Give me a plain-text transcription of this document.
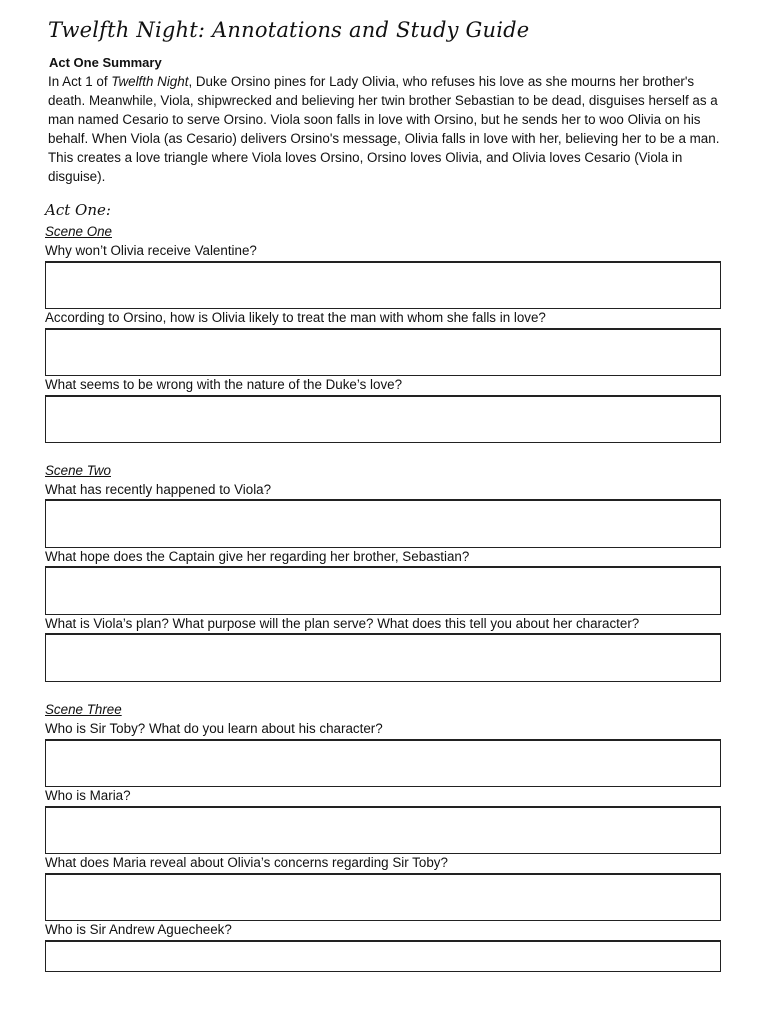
Twelfth Night: Annotations and Study Guide
Act One Summary

In Act 1 of Twelfth Night, Duke Orsino pines for Lady Olivia, who refuses his love as she mourns her brother's death. Meanwhile, Viola, shipwrecked and believing her twin brother Sebastian to be dead, disguises herself as a man named Cesario to serve Orsino. Viola soon falls in love with Orsino, but he sends her to woo Olivia on his behalf. When Viola (as Cesario) delivers Orsino's message, Olivia falls in love with her, believing her to be a man. This creates a love triangle where Viola loves Orsino, Orsino loves Olivia, and Olivia loves Cesario (Viola in disguise).

Act One:
Scene One
Why won’t Olivia receive Valentine?
According to Orsino, how is Olivia likely to treat the man with whom she falls in love?
What seems to be wrong with the nature of the Duke’s love?
Scene Two
What has recently happened to Viola?
What hope does the Captain give her regarding her brother, Sebastian?
What is Viola’s plan? What purpose will the plan serve? What does this tell you about her character?
Scene Three
Who is Sir Toby? What do you learn about his character?
Who is Maria?
What does Maria reveal about Olivia’s concerns regarding Sir Toby?
Who is Sir Andrew Aguecheek?
